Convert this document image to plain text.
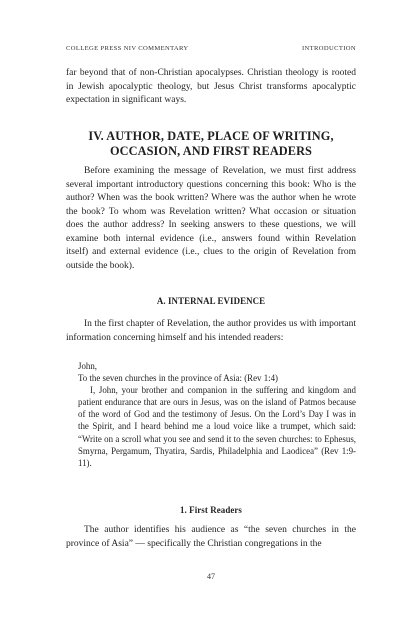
COLLEGE PRESS NIV COMMENTARY	INTRODUCTION

far beyond that of non-Christian apocalypses. Christian theology is rooted in Jewish apocalyptic theology, but Jesus Christ transforms apocalyptic expectation in significant ways.

IV. AUTHOR, DATE, PLACE OF WRITING,
OCCASION, AND FIRST READERS

Before examining the message of Revelation, we must first address several important introductory questions concerning this book: Who is the author? When was the book written? Where was the author when he wrote the book? To whom was Revelation written? What occasion or situation does the author address? In seeking answers to these questions, we will examine both internal evidence (i.e., answers found within Revelation itself) and external evidence (i.e., clues to the origin of Revelation from outside the book).

A. INTERNAL EVIDENCE

In the first chapter of Revelation, the author provides us with important information concerning himself and his intended readers:

John,

To the seven churches in the province of Asia: (Rev 1:4)

I, John, your brother and companion in the suffering and kingdom and patient endurance that are ours in Jesus, was on the island of Patmos because of the word of God and the testimony of Jesus. On the Lord’s Day I was in the Spirit, and I heard behind me a loud voice like a trumpet, which said: “Write on a scroll what you see and send it to the seven churches: to Ephesus, Smyrna, Pergamum, Thyatira, Sardis, Philadelphia and Laodicea” (Rev 1:9-11).

1. First Readers

The author identifies his audience as “the seven churches in the province of Asia” — specifically the Christian congregations in the

47
